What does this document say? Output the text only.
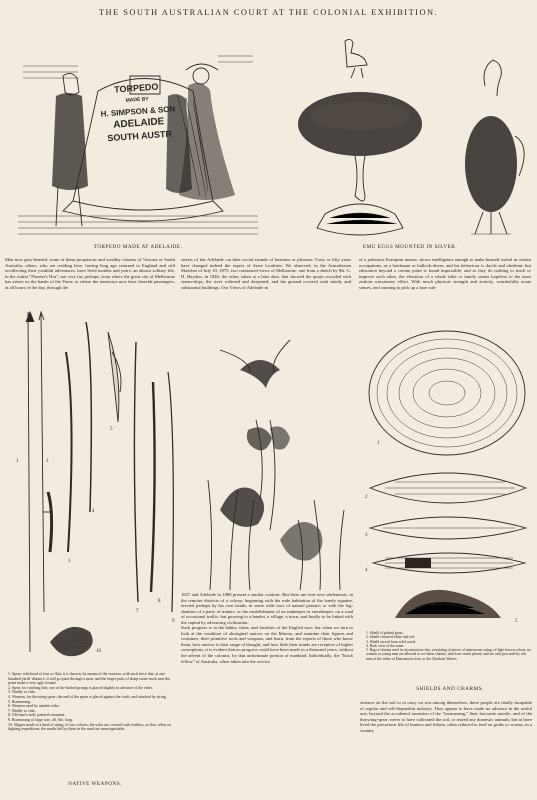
THE SOUTH AUSTRALIAN COURT AT THE COLONIAL EXHIBITION.
TORPEDO
MADE BY
H. SIMPSON & SON
ADELAIDE
SOUTH AUSTR
TORPEDO MADE AT ADELAIDE.	EMU EGGS MOUNTED IN SILVER.
Men now grey-headed, some of them prosperous and wealthy citizens of Victoria or South Australia; others, who are residing here, having long ago returned to England and still recollecting their youthful adventures, have lived months and years, an almost solitary life, in the rudest "Pioneer's Hut"; not very far, perhaps, from where the great city of Melbourne has arisen on the banks of the Yarra; or where the tramways now bear cheerful passengers, at all hours of the day, through the
streets of fair Adelaide, on their social errands of business or pleasure. Forty or fifty years have changed indeed the aspect of those localities. We observed, in the Australasian Sketcher of July 10, 1875, two contrasted views of Melbourne: one from a sketch by Mr. G. H. Haydon, in 1840; the other, taken at a later date, that showed the quays crowded with steam-ships, the river widened and deepened, and the ground covered with stately and substantial buildings. Our Views of Adelaide in
of a judicious European master, shows intelligence enough to make himself useful in certain occupations, as a herdsman or bullock-driver, and his behaviour is docile and obedient; but education beyond a certain point is found impossible; and as they do nothing to teach or improve each other, the elevation of a whole tribe or family seems hopeless to the most zealous missionary effort. With much physical strength and activity, wonderfully acute senses, and cunning to pick up a bare sub-
1	2
3
4
5
7
8
9
10
1. Spear, with head of iron or flint; it is thrown, by means of the womera, with such force that, at one hundred yards' distance, it will go quite through a man; and the larger parts of sharp stone stuck near the point make a very ugly wound.
2. Spear for catching fish; one of the barbed prongs is placed slightly in advance of the other.
3. Waddy or club.
4. Womera, for throwing spear; the end of the spear is placed against the tooth, and attached by string.
5. Boomerang.
6. Womera used by another tribe.
7. Waddy or club.
8. Old man's staff, painted ornament.
9. Boomerang of large size, 4ft. 6in. long.
10. Slipper made of a kind of string, of two colours; the soles are covered with feathers, so that, when on fighting expeditions, the marks left by them in the sand are unrecognisable.
NATIVE WEAPONS.
1837 and Adelaide in 1886 present a similar contrast. But there are ever new settlements, in the remoter districts of a colony; beginning with the rude habitation of the lonely squatter, erected perhaps by his own hands, in some wide tract of natural pasture; or with the log-shanties of a party of miners, or the establishment of an innkeeper or storekeeper, on a road of occasional traffic; but growing to a hamlet, a village, a town, and finally to be linked with the capital by advancing civilisation.
Such progress is in the habits, ideas, and faculties of the English race; but when we turn to look at the condition of aboriginal natives on the Murray, and examine their figures and costumes, their primitive tools and weapons, and learn, from the reports of those who know them, how narrow is their range of thought, and how little their minds are receptive of higher conceptions, it is evident that no progress could have been made in a thousand years, without the advent of the colonist, by that unfortunate portion of mankind. Individually, the "black fellow" of Australia, when taken into the service
1
2
3
4
5
1. Shield of plaited grass.
2. Shield coloured white and red.
3. Shield carved from solid wood.
4. Back view of the same.
5. Bag of charms used in circumcision rites, consisting of pieces of interwoven string, of light brown colour; no women or young men are allowed to see these charms, which are much prized, and are only procured by old men of the tribes of Duncannon river, or the Charlotte Waters.
SHIELDS AND CHARMS.
sistence on the soil or to carry on war among themselves, these people are fatally incapable of regular and self-dependent industry. They appear to have made no advance in the useful arts, beyond the accidental invention of the "boomerang," their favourite missile, and of the throwing-spear; never to have cultivated the soil, or reared any domestic animals; but to have lived the precarious life of hunters and fishers, often reduced to feed on grubs or worms, in a country
